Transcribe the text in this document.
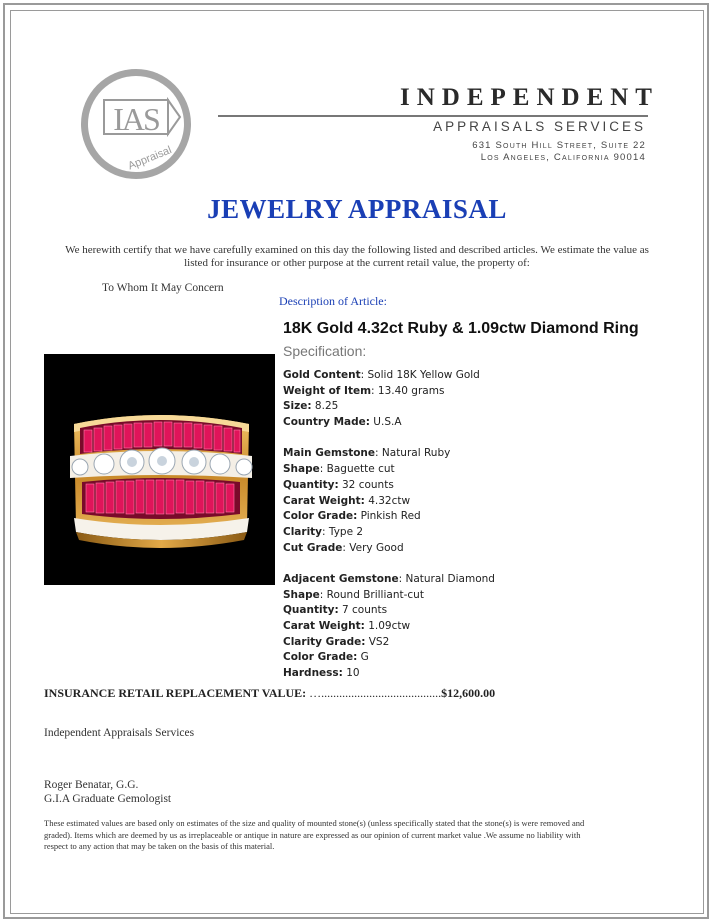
IAS
Appraisal
INDEPENDENT
APPRAISALS SERVICES
631 South Hill Street, Suite 22
Los Angeles, California 90014
JEWELRY APPRAISAL
We herewith certify that we have carefully examined on this day the following listed and described articles. We estimate the value as listed for insurance or other purpose at the current retail value, the property of:
To Whom It May Concern
Description of Article:
18K Gold 4.32ct Ruby & 1.09ctw Diamond Ring
Specification:
Gold Content: Solid 18K Yellow Gold
Weight of Item: 13.40 grams
Size: 8.25
Country Made: U.S.A
Main Gemstone: Natural Ruby
Shape: Baguette cut
Quantity: 32 counts
Carat Weight: 4.32ctw
Color Grade: Pinkish Red
Clarity: Type 2
Cut Grade: Very Good
Adjacent Gemstone: Natural Diamond
Shape: Round Brilliant-cut
Quantity: 7 counts
Carat Weight: 1.09ctw
Clarity Grade: VS2
Color Grade: G
Hardness: 10
INSURANCE RETAIL REPLACEMENT VALUE: …........................................$12,600.00
Independent Appraisals Services
Roger Benatar, G.G.
G.I.A Graduate Gemologist
These estimated values are based only on estimates of the size and quality of mounted stone(s) (unless specifically stated that the stone(s) is were removed and graded). Items which are deemed by us as irreplaceable or antique in nature are expressed as our opinion of current market value .We assume no liability with respect to any action that may be taken on the basis of this material.
